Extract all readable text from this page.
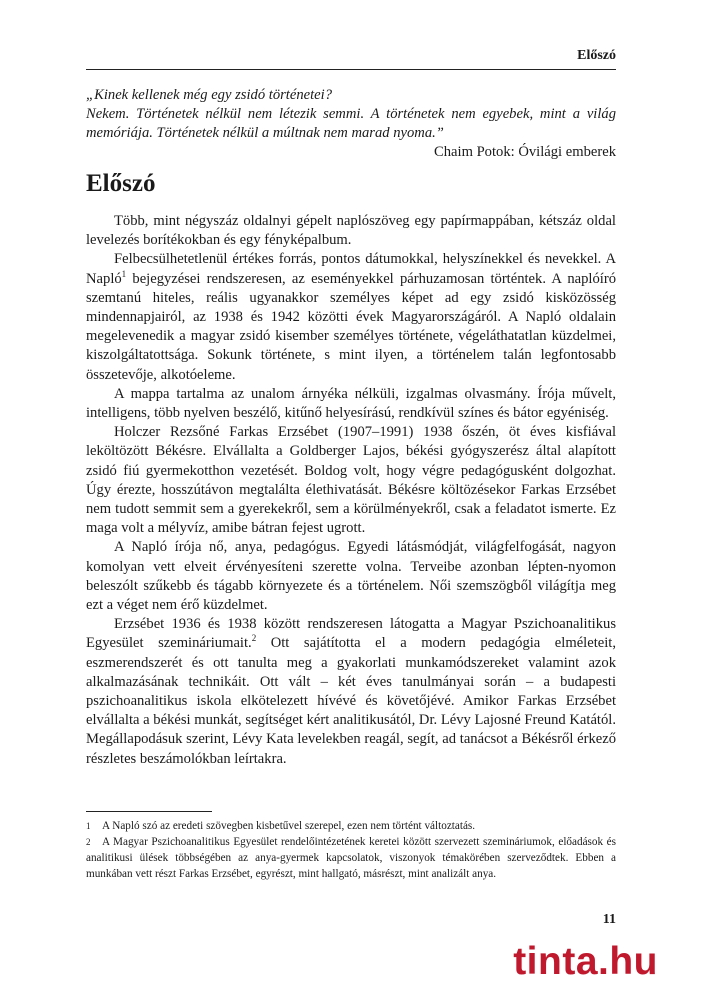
Előszó

„Kinek kellenek még egy zsidó történetei?

Nekem. Történetek nélkül nem létezik semmi. A történetek nem egyebek, mint a világ memóriája. Történetek nélkül a múltnak nem marad nyoma.”

Chaim Potok: Óvilági emberek

Előszó

Több, mint négyszáz oldalnyi gépelt naplószöveg egy papírmappában, kétszáz oldal levelezés borítékokban és egy fényképalbum.

Felbecsülhetetlenül értékes forrás, pontos dátumokkal, helyszínekkel és nevekkel. A Napló$^1$ bejegyzései rendszeresen, az eseményekkel párhuzamosan történtek. A naplóíró szemtanú hiteles, reális ugyanakkor személyes képet ad egy zsidó kisközösség mindennapjairól, az 1938 és 1942 közötti évek Magyarországáról. A Napló oldalain megelevenedik a magyar zsidó kisember személyes története, végeláthatatlan küzdelmei, kiszolgáltatottsága. Sokunk története, s mint ilyen, a történelem talán legfontosabb összetevője, alkotóeleme.

A mappa tartalma az unalom árnyéka nélküli, izgalmas olvasmány. Írója művelt, intelligens, több nyelven beszélő, kitűnő helyesírású, rendkívül színes és bátor egyéniség.

Holczer Rezsőné Farkas Erzsébet (1907–1991) 1938 őszén, öt éves kisfiával leköltözött Békésre. Elvállalta a Goldberger Lajos, békési gyógyszerész által alapított zsidó fiú gyermekotthon vezetését. Boldog volt, hogy végre pedagógusként dolgozhat. Úgy érezte, hosszútávon megtalálta élethivatását. Békésre költözésekor Farkas Erzsébet nem tudott semmit sem a gyerekekről, sem a körülményekről, csak a feladatot ismerte. Ez maga volt a mélyvíz, amibe bátran fejest ugrott.

A Napló írója nő, anya, pedagógus. Egyedi látásmódját, világfelfogását, nagyon komolyan vett elveit érvényesíteni szerette volna. Terveibe azonban lépten-nyomon beleszólt szűkebb és tágabb környezete és a történelem. Női szemszögből világítja meg ezt a véget nem érő küzdelmet.

Erzsébet 1936 és 1938 között rendszeresen látogatta a Magyar Pszichoanalitikus Egyesület szemináriumait.$^2$ Ott sajátította el a modern pedagógia elméleteit, eszmerendszerét és ott tanulta meg a gyakorlati munkamódszereket valamint azok alkalmazásának technikáit. Ott vált – két éves tanulmányai során – a budapesti pszichoanalitikus iskola elkötelezett hívévé és követőjévé. Amikor Farkas Erzsébet elvállalta a békési munkát, segítséget kért analitikusától, Dr. Lévy Lajosné Freund Katától. Megállapodásuk szerint, Lévy Kata levelekben reagál, segít, ad tanácsot a Békésről érkező részletes beszámolókban leírtakra.

1 A Napló szó az eredeti szövegben kisbetűvel szerepel, ezen nem történt változtatás.

2 A Magyar Pszichoanalitikus Egyesület rendelőintézetének keretei között szervezett szemináriumok, előadások és analitikusi ülések többségében az anya-gyermek kapcsolatok, viszonyok témakörében szerveződtek. Ebben a munkában vett részt Farkas Erzsébet, egyrészt, mint hallgató, másrészt, mint analizált anya.

11
tinta.hu
